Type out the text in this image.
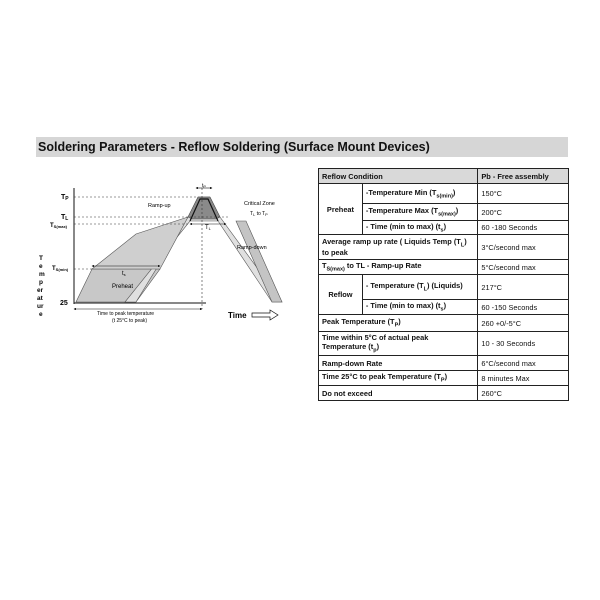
Soldering Parameters - Reflow Soldering (Surface Mount Devices)
TP
TL
TS(max)
TS(min)
25
T
e
m
p
er
at
ur
e
Ramp-up	Critical Zone
$T_L$ to $T_P$
Ramp-down
Preheat
Time
$t_P$
TL
ts
Time to peak temperature
(t 25°C to peak)
Reflow Condition		Pb - Free assembly
Preheat	-Temperature Min $(T_{s(min)})$	150°C
	-Temperature Max $(T_{s(max)})$	200°C
	- Time (min to max) $(t_s)$	60 -180 Seconds
Average ramp up rate ( Liquids Temp $(T_L)$ to peak		3°C/second max
$T_{S(max)}$ to TL - Ramp-up Rate		5°C/second max
Reflow	- Temperature $(T_L)$ (Liquids)	217°C
	- Time (min to max) $(t_s)$	60 -150 Seconds
Peak Temperature $(T_P)$		260 +0/-5°C
Time within 5°C of actual peak Temperature $(t_p)$		10 - 30 Seconds
Ramp-down Rate		6°C/second max
Time 25°C to peak Temperature $(T_P)$		8 minutes Max
Do not exceed		260°C
